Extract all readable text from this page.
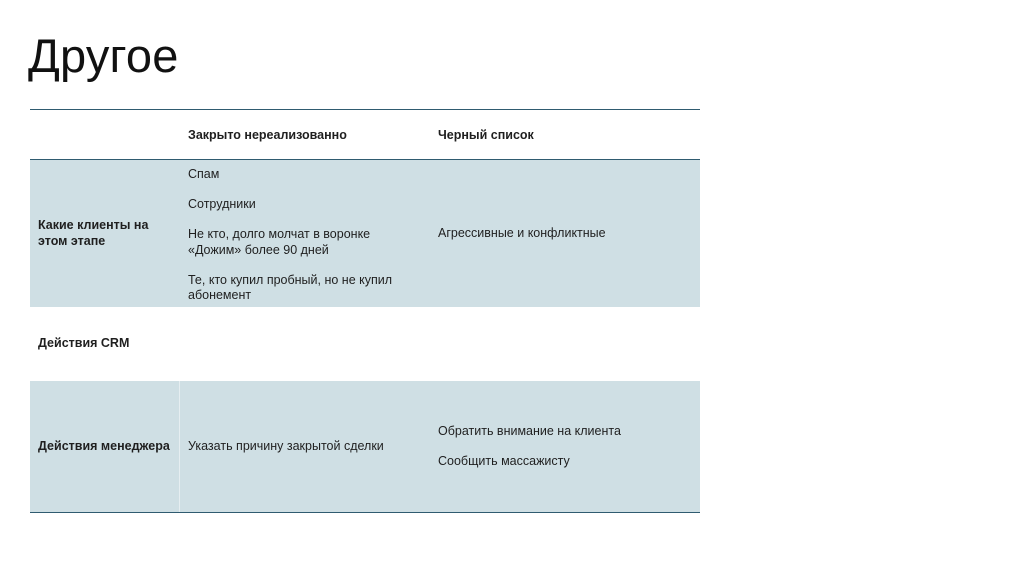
Другое
Закрыто нереализованно	Черный список
Какие клиенты на этом этапе

Спам

Сотрудники

Не кто, долго молчат в воронке «Дожим» более 90 дней

Те, кто купил пробный, но не купил абонемент

Агрессивные и конфликтные

Действия CRM
Действия менеджера	Указать причину закрытой сделки

Обратить внимание на клиента

Сообщить массажисту
